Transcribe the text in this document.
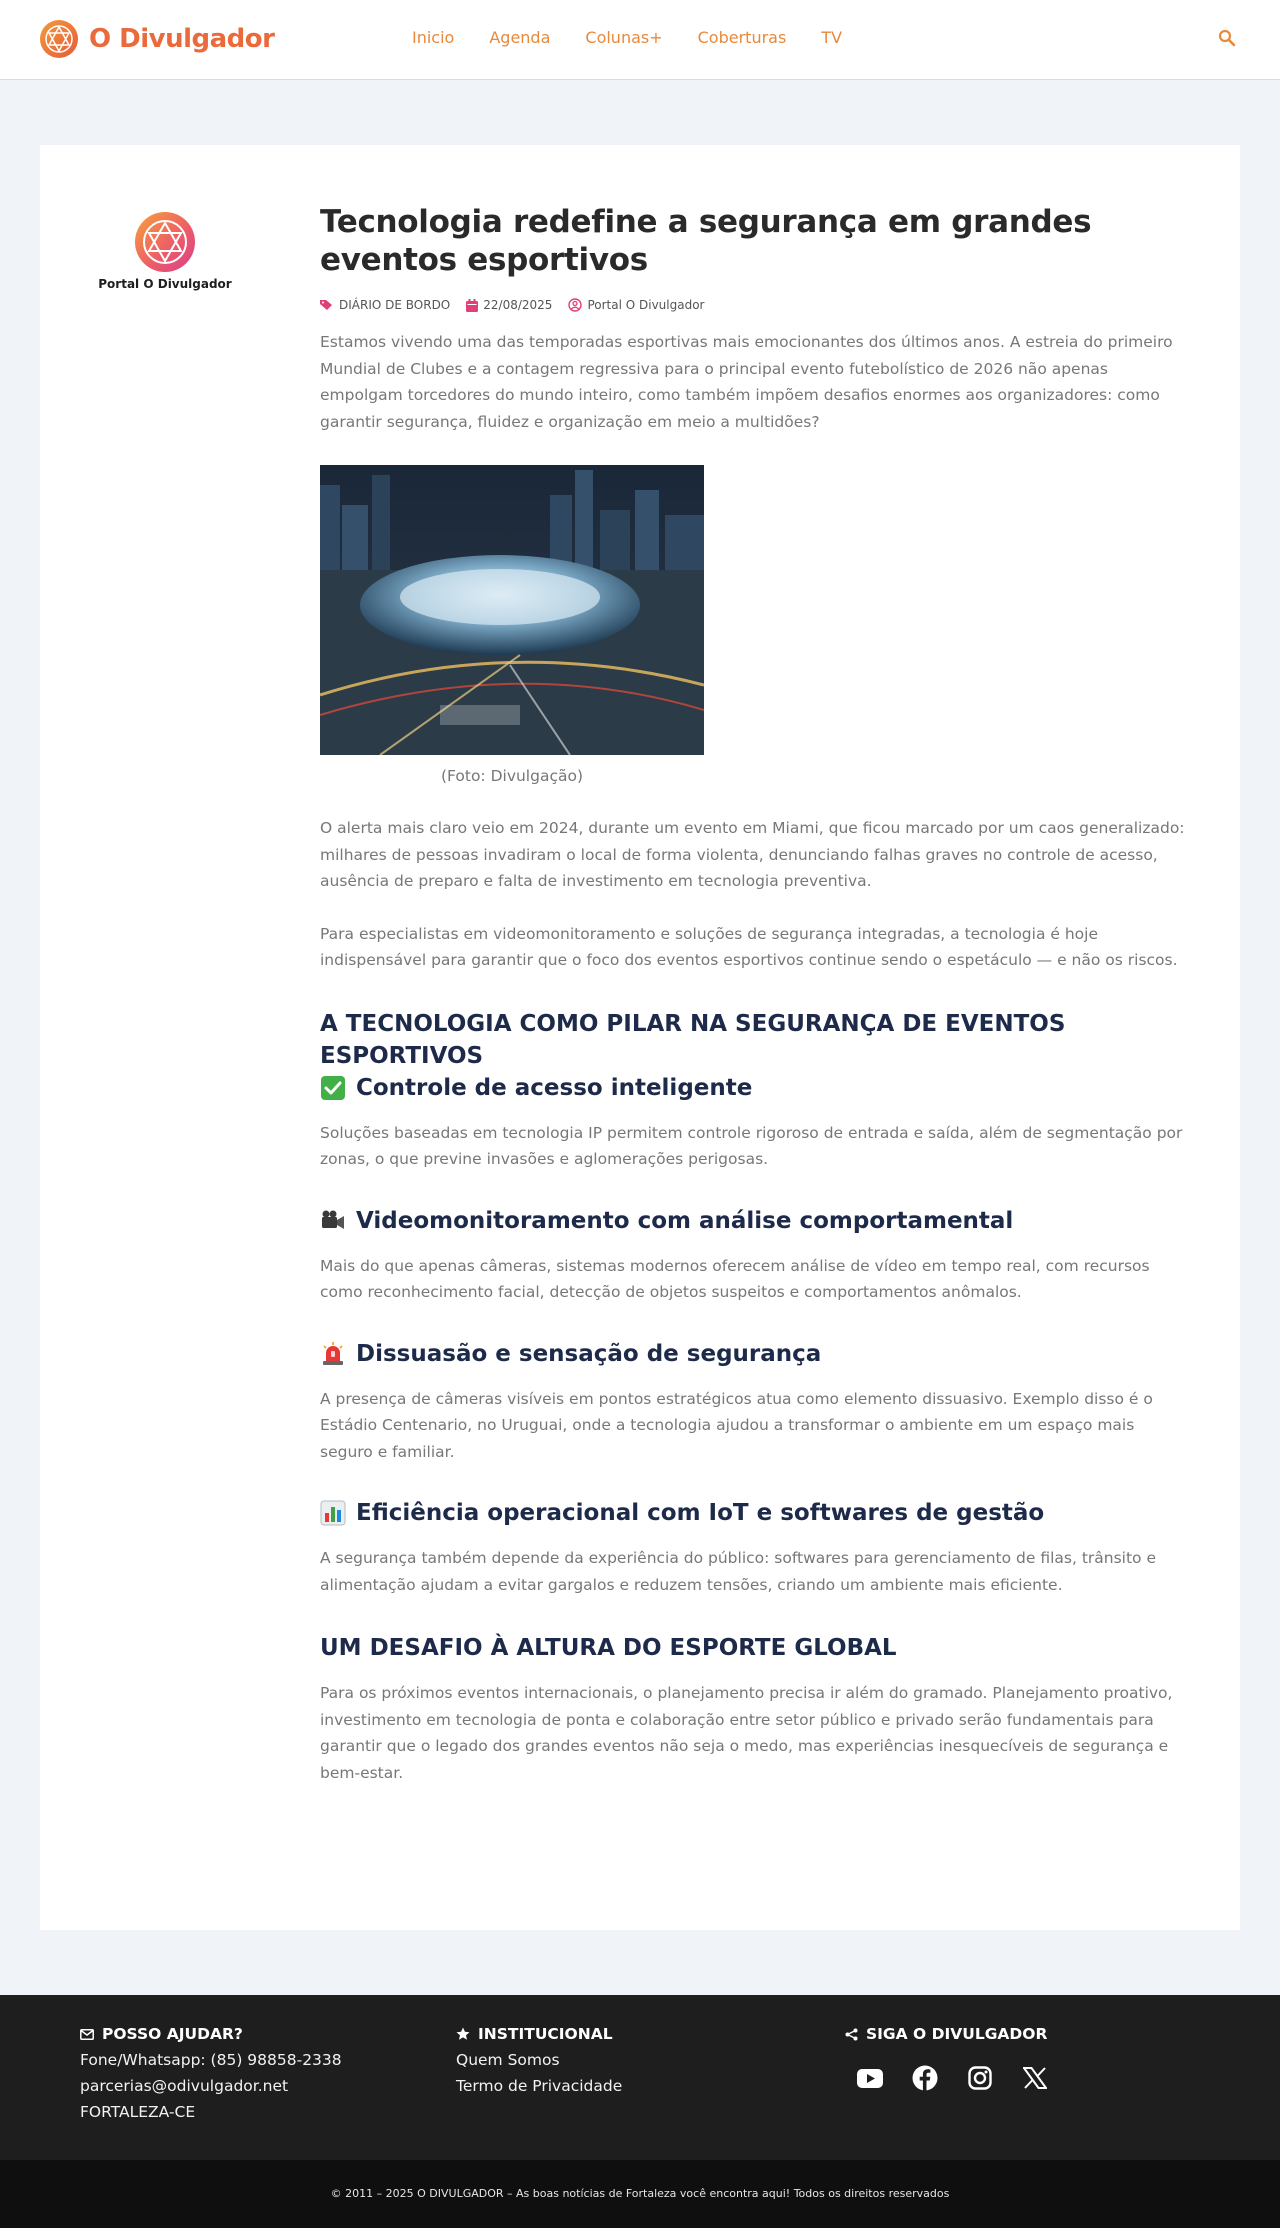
O Divulgador	Inicio Agenda Colunas+ Coberturas TV
Portal O Divulgador
Tecnologia redefine a segurança em grandes eventos esportivos
DIÁRIO DE BORDO	22/08/2025	Portal O Divulgador

Estamos vivendo uma das temporadas esportivas mais emocionantes dos últimos anos. A estreia do primeiro Mundial de Clubes e a contagem regressiva para o principal evento futebolístico de 2026 não apenas empolgam torcedores do mundo inteiro, como também impõem desafios enormes aos organizadores: como garantir segurança, fluidez e organização em meio a multidões?

(Foto: Divulgação)

O alerta mais claro veio em 2024, durante um evento em Miami, que ficou marcado por um caos generalizado: milhares de pessoas invadiram o local de forma violenta, denunciando falhas graves no controle de acesso, ausência de preparo e falta de investimento em tecnologia preventiva.

Para especialistas em videomonitoramento e soluções de segurança integradas, a tecnologia é hoje indispensável para garantir que o foco dos eventos esportivos continue sendo o espetáculo — e não os riscos.

A TECNOLOGIA COMO PILAR NA SEGURANÇA DE EVENTOS ESPORTIVOS
Controle de acesso inteligente

Soluções baseadas em tecnologia IP permitem controle rigoroso de entrada e saída, além de segmentação por zonas, o que previne invasões e aglomerações perigosas.

Videomonitoramento com análise comportamental

Mais do que apenas câmeras, sistemas modernos oferecem análise de vídeo em tempo real, com recursos como reconhecimento facial, detecção de objetos suspeitos e comportamentos anômalos.

Dissuasão e sensação de segurança

A presença de câmeras visíveis em pontos estratégicos atua como elemento dissuasivo. Exemplo disso é o Estádio Centenario, no Uruguai, onde a tecnologia ajudou a transformar o ambiente em um espaço mais seguro e familiar.

Eficiência operacional com IoT e softwares de gestão

A segurança também depende da experiência do público: softwares para gerenciamento de filas, trânsito e alimentação ajudam a evitar gargalos e reduzem tensões, criando um ambiente mais eficiente.

UM DESAFIO À ALTURA DO ESPORTE GLOBAL

Para os próximos eventos internacionais, o planejamento precisa ir além do gramado. Planejamento proativo, investimento em tecnologia de ponta e colaboração entre setor público e privado serão fundamentais para garantir que o legado dos grandes eventos não seja o medo, mas experiências inesquecíveis de segurança e bem-estar.

POSSO AJUDAR?
Fone/Whatsapp: (85) 98858-2338
parcerias@odivulgador.net
FORTALEZA-CE
INSTITUCIONAL
Quem Somos
Termo de Privacidade
SIGA O DIVULGADOR
© 2011 – 2025 O DIVULGADOR – As boas notícias de Fortaleza você encontra aqui! Todos os direitos reservados
